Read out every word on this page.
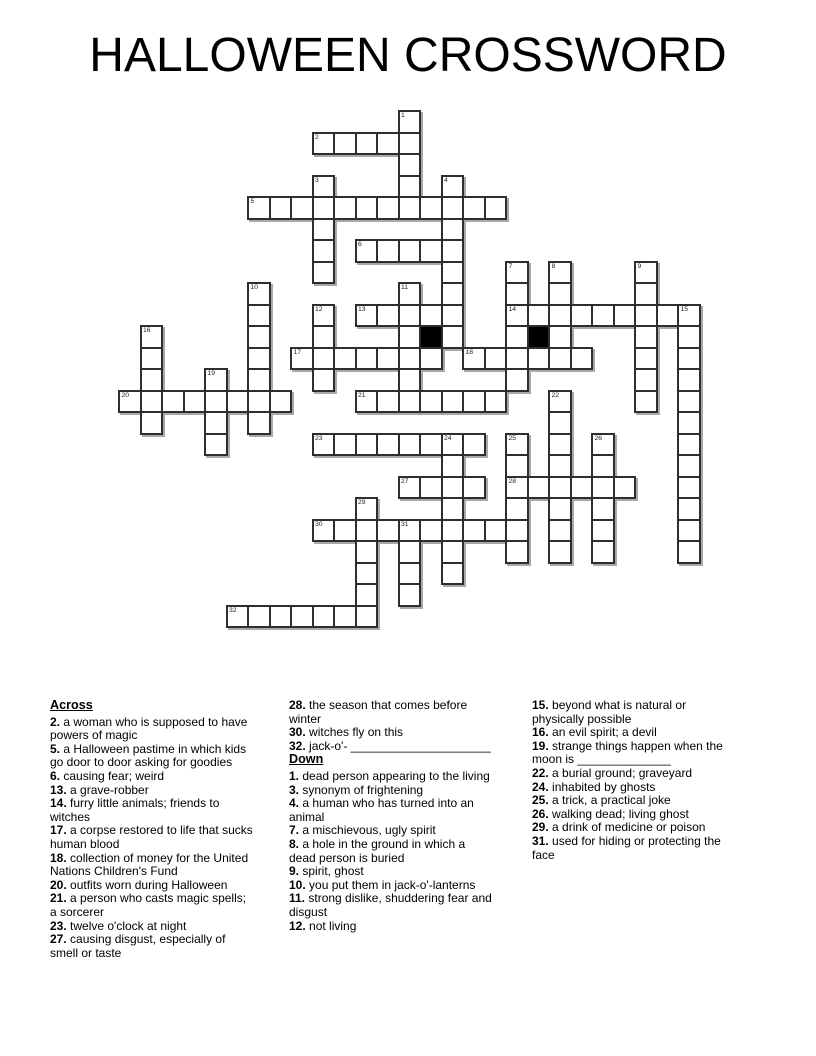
HALLOWEEN CROSSWORD
1
2
3	4
5
6
7	8	9
10	11
12	13	14	15
16
17	18
19
20	21	22
23	24	25	26
27	28
29
30	31
32
Across
2. a woman who is supposed to have powers of magic
5. a Halloween pastime in which kids go door to door asking for goodies
6. causing fear; weird
13. a grave-robber
14. furry little animals; friends to witches
17. a corpse restored to life that sucks human blood
18. collection of money for the United Nations Children's Fund
20. outfits worn during Halloween
21. a person who casts magic spells; a sorcerer
23. twelve o'clock at night
27. causing disgust, especially of smell or taste
28. the season that comes before winter
30. witches fly on this
32. jack-o'- _____________________
Down
1. dead person appearing to the living
3. synonym of frightening
4. a human who has turned into an animal
7. a mischievous, ugly spirit
8. a hole in the ground in which a dead person is buried
9. spirit, ghost
10. you put them in jack-o'-lanterns
11. strong dislike, shuddering fear and disgust
12. not living
15. beyond what is natural or physically possible
16. an evil spirit; a devil
19. strange things happen when the moon is ______________
22. a burial ground; graveyard
24. inhabited by ghosts
25. a trick, a practical joke
26. walking dead; living ghost
29. a drink of medicine or poison
31. used for hiding or protecting the face
